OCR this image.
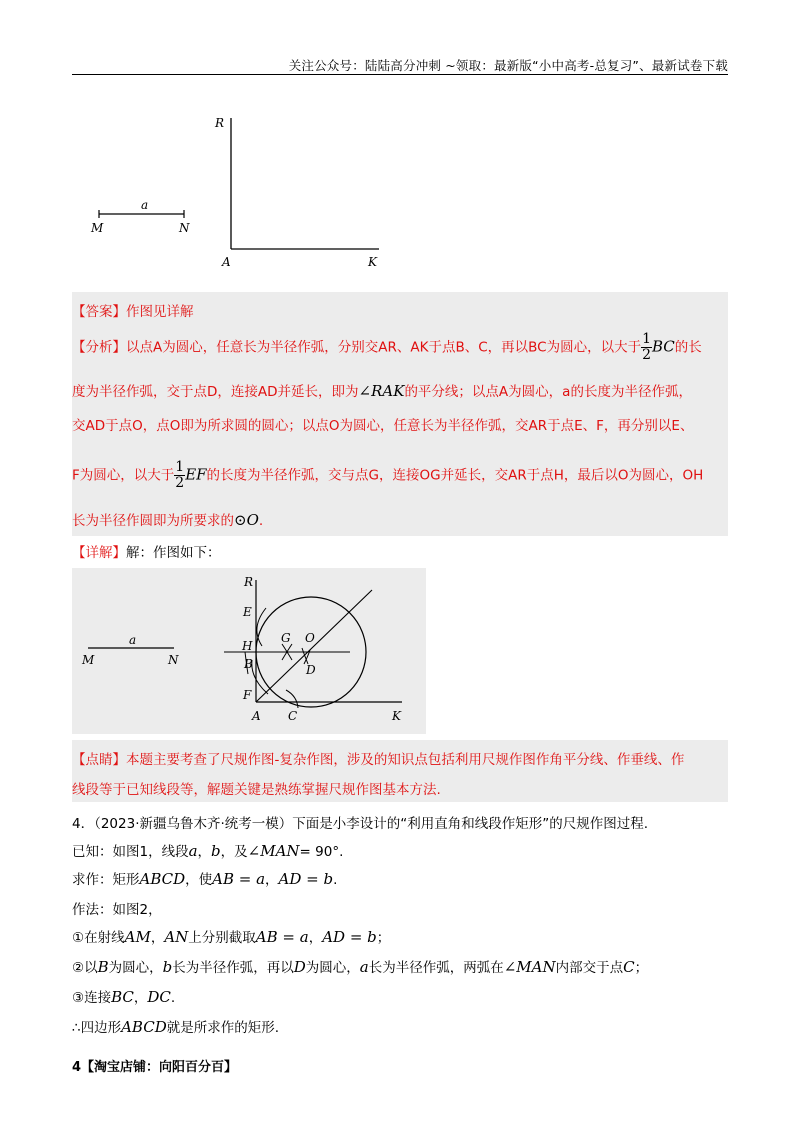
关注公众号：陆陆高分冲刺 ~领取：最新版“小中高考-总复习”、最新试卷下载
R
a
M	N
A	K
【答案】作图见详解
【分析】以点A为圆心，任意长为半径作弧，分别交AR、AK于点B、C，再以BC为圆心，以大于 $\frac{1}{2}$ BC的长
度为半径作弧，交于点D，连接AD并延长，即为∠RAK的平分线；以点A为圆心，a的长度为半径作弧，
交AD于点O，点O即为所求圆的圆心；以点O为圆心，任意长为半径作弧，交AR于点E、F，再分别以E、
F为圆心，以大于 $\frac{1}{2}$ EF的长度为半径作弧，交与点G，连接OG并延长，交AR于点H，最后以O为圆心，OH
长为半径作圆即为所要求的⊙O.
【详解】解：作图如下：
R
E
G O
H
B	D
F
A C	K
a
M	N
【点睛】本题主要考查了尺规作图-复杂作图，涉及的知识点包括利用尺规作图作角平分线、作垂线、作
线段等于已知线段等，解题关键是熟练掌握尺规作图基本方法.
4．（2023·新疆乌鲁木齐·统考一模）下面是小李设计的“利用直角和线段作矩形”的尺规作图过程.
已知：如图1，线段a，b，及∠MAN= 90°.
求作：矩形ABCD，使AB = a，AD = b.
作法：如图2，
①在射线AM，AN上分别截取AB = a，AD = b；
②以B为圆心，b长为半径作弧，再以D为圆心，a长为半径作弧，两弧在∠MAN内部交于点C；
③连接BC，DC.
∴四边形ABCD就是所求作的矩形.
4【淘宝店铺：向阳百分百】
